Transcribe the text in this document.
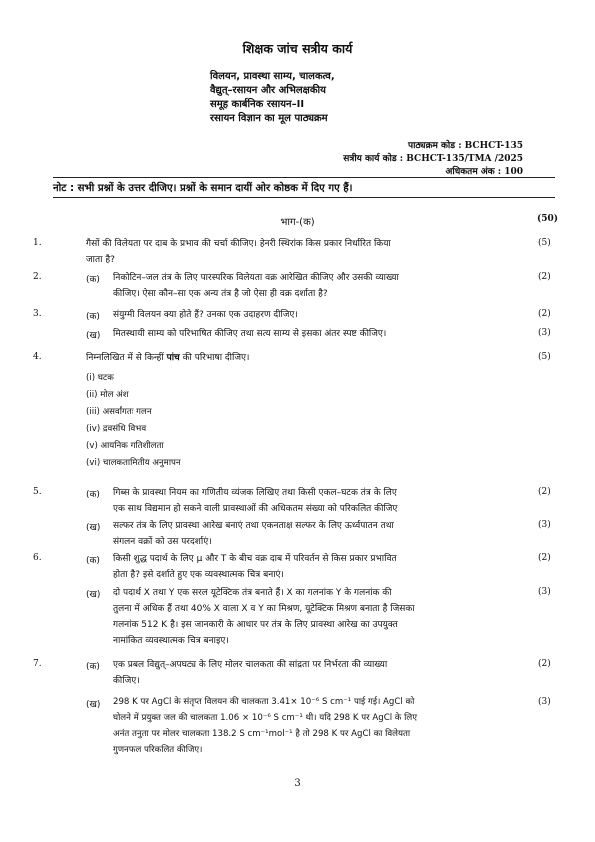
शिक्षक जांच सत्रीय कार्य
विलयन, प्रावस्था साम्य, चालकत्व,
वैद्युत्–रसायन और अभिलक्षकीय
समूह कार्बनिक रसायन–II
रसायन विज्ञान का मूल पाठ्यक्रम
पाठ्यक्रम कोड : BCHCT-135
सत्रीय कार्य कोड : BCHCT-135/TMA /2025
अधिकतम अंक : 100
नोट : सभी प्रश्नों के उत्तर दीजिए। प्रश्नों के समान दायीं ओर कोष्ठक में दिए गए हैं।
भाग-(क)	(50)
1.	गैसों की विलेयता पर दाब के प्रभाव की चर्चा कीजिए। हेनरी स्थिरांक किस प्रकार निर्धारित किया
जाता है?
(5)
2.	(क) निकोटिन–जल तंत्र के लिए पारस्परिक विलेयता वक्र आरेखित कीजिए और उसकी व्याख्या
कीजिए। ऐसा कौन–सा एक अन्य तंत्र है जो ऐसा ही वक्र दर्शाता है?
(2)
3.	(क) संयुग्मी विलयन क्या होते हैं? उनका एक उदाहरण दीजिए।	(2)
(ख) मितस्थायी साम्य को परिभाषित कीजिए तथा सत्य साम्य से इसका अंतर स्पष्ट कीजिए।	(3)
4.	निम्नलिखित में से किन्हीं पांच की परिभाषा दीजिए।	(5)
(i) घटक
(ii) मोल अंश
(iii) असर्वांगतः गलन
(iv) द्रवसंधि विभव
(v) आयनिक गतिशीलता
(vi) चालकतामितीय अनुमापन
5.	(क) गिब्स के प्रावस्था नियम का गणितीय व्यंजक लिखिए तथा किसी एकल–घटक तंत्र के लिए
एक साथ विद्यमान हो सकने वाली प्रावस्थाओं की अधिकतम संख्या को परिकलित कीजिए
(2)
(ख) सल्फर तंत्र के लिए प्रावस्था आरेख बनाएं तथा एकनताक्ष सल्फर के लिए ऊर्ध्वपातन तथा
संगलन वक्रों को उस परदर्शाएं।
(3)
6.	(क) किसी शुद्ध पदार्थ के लिए μ और T के बीच वक्र दाब में परिवर्तन से किस प्रकार प्रभावित
होता है? इसे दर्शाते हुए एक व्यवस्थात्मक चित्र बनाएं।
(2)
(ख) दो पदार्थ X तथा Y एक सरल यूटेक्टिक तंत्र बनाते हैं। X का गलनांक Y के गलनांक की
तुलना में अधिक हैं तथा 40% X वाला X व Y का मिश्रण, यूटेक्टिक मिश्रण बनाता है जिसका
गलनांक 512 K है। इस जानकारी के आधार पर तंत्र के लिए प्रावस्था आरेख का उपयुक्त
नामांकित व्यवस्थात्मक चित्र बनाइए।
(3)
7.	(क) एक प्रबल विद्युत्–अपघट्य के लिए मोलर चालकता की सांद्रता पर निर्भरता की व्याख्या
कीजिए।
(2)
(ख) 298 K पर AgCl के संतृप्त विलयन की चालकता 3.41× 10⁻⁶ S cm⁻¹ पाई गई। AgCl को
घोलने में प्रयुक्त जल की चालकता 1.06 × 10⁻⁶ S cm⁻¹ थी। यदि 298 K पर AgCl के लिए
अनंत तनुता पर मोलर चालकता 138.2 S cm⁻¹mol⁻¹ है तो 298 K पर AgCl का विलेयता
गुणनफल परिकलित कीजिए।
(3)
3
